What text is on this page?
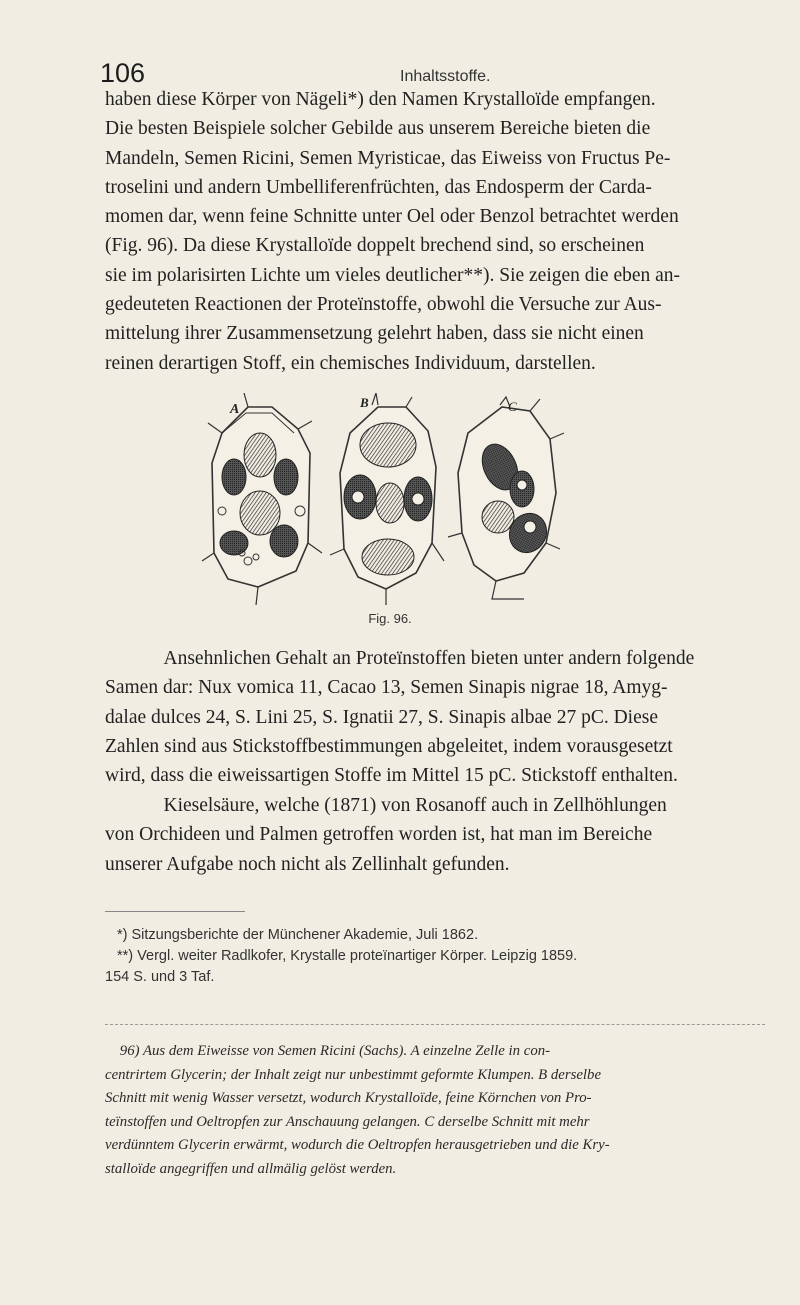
106	Inhaltsstoffe.

haben diese Körper von Nägeli*) den Namen Krystalloïde empfangen.

Die besten Beispiele solcher Gebilde aus unserem Bereiche bieten die

Mandeln, Semen Ricini, Semen Myristicae, das Eiweiss von Fructus Pe-

troselini und andern Umbelliferenfrüchten, das Endosperm der Carda-

momen dar, wenn feine Schnitte unter Oel oder Benzol betrachtet werden

(Fig. 96). Da diese Krystalloïde doppelt brechend sind, so erscheinen

sie im polarisirten Lichte um vieles deutlicher**). Sie zeigen die eben an-

gedeuteten Reactionen der Proteïnstoffe, obwohl die Versuche zur Aus-

mittelung ihrer Zusammensetzung gelehrt haben, dass sie nicht einen

reinen derartigen Stoff, ein chemisches Individuum, darstellen.

A	B	C
Fig. 96.

Ansehnlichen Gehalt an Proteïnstoffen bieten unter andern folgende

Samen dar: Nux vomica 11, Cacao 13, Semen Sinapis nigrae 18, Amyg-

dalae dulces 24, S. Lini 25, S. Ignatii 27, S. Sinapis albae 27 pC. Diese

Zahlen sind aus Stickstoffbestimmungen abgeleitet, indem vorausgesetzt

wird, dass die eiweissartigen Stoffe im Mittel 15 pC. Stickstoff enthalten.

Kieselsäure, welche (1871) von Rosanoff auch in Zellhöhlungen

von Orchideen und Palmen getroffen worden ist, hat man im Bereiche

unserer Aufgabe noch nicht als Zellinhalt gefunden.

*) Sitzungsberichte der Münchener Akademie, Juli 1862.

**) Vergl. weiter Radlkofer, Krystalle proteïnartiger Körper. Leipzig 1859.

154 S. und 3 Taf.

96) Aus dem Eiweisse von Semen Ricini (Sachs). A einzelne Zelle in con-

centrirtem Glycerin; der Inhalt zeigt nur unbestimmt geformte Klumpen. B derselbe

Schnitt mit wenig Wasser versetzt, wodurch Krystalloïde, feine Körnchen von Pro-

teïnstoffen und Oeltropfen zur Anschauung gelangen. C derselbe Schnitt mit mehr

verdünntem Glycerin erwärmt, wodurch die Oeltropfen herausgetrieben und die Kry-

stalloïde angegriffen und allmälig gelöst werden.
